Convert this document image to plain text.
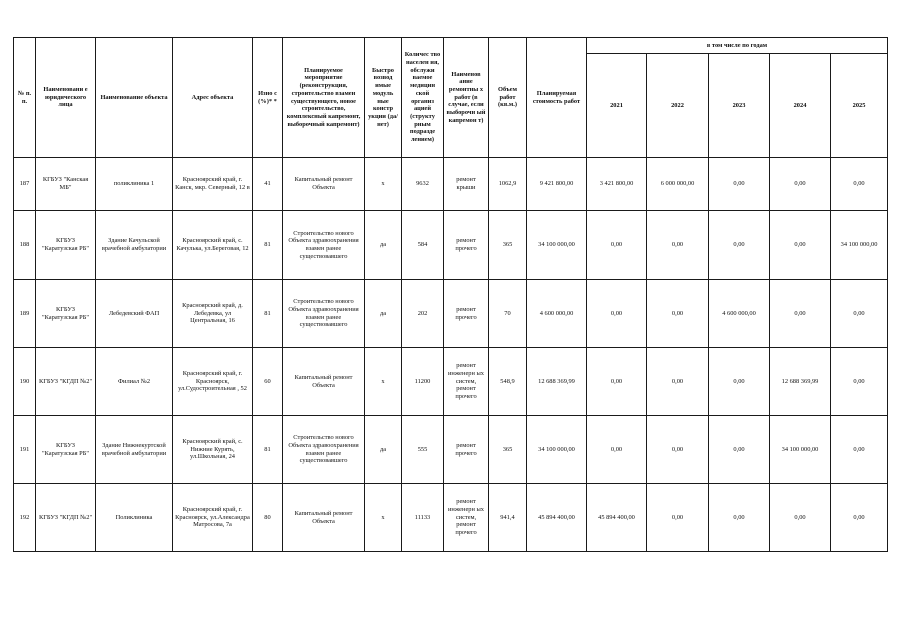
№ п. п.	Наименовани е юридического лица	Наименование объекта	Адрес объекта	Изно с (%)* *	Планируемое мероприятие (реконструкция, строительство взамен существующего, новое строительство, комплексный капремонт, выборочный капремонт)	Быстро возвод имые модуль ные констр укции (да/нет)	Количес тво населен ия, обслужи ваемое медицин ской организ ацией (структу рным подразде лением)	Наименов ание ремонтны х работ (в случае, если выборочн ый капремон т)	Объем работ (кв.м.)	Планируемая стоимость работ	в том числе по годам				
											2021	2022	2023	2024	2025
187	КГБУЗ "Канская МБ"	поликлиника 1	Красноярский край, г. Канск, мкр. Северный, 12 в	41	Капитальный ремонт Объекта	х	9632	ремонт крыши	1062,9	9 421 800,00	3 421 800,00	6 000 000,00	0,00	0,00	0,00
188	КГБУЗ "Каратузская РБ"	Здание Качульской врачебной амбулатории	Красноярский край, с. Качулька, ул.Береговая, 12	81	Строительство нового Объекта здравоохранения взамен ранее существовавшего	да	584	ремонт прочего	365	34 100 000,00	0,00	0,00	0,00	0,00	34 100 000,00
189	КГБУЗ "Каратузская РБ"	Лебедевский ФАП	Красноярский край, д. Лебедевка, ул Центральная, 16	81	Строительство нового Объекта здравоохранения взамен ранее существовавшего	да	202	ремонт прочего	70	4 600 000,00	0,00	0,00	4 600 000,00	0,00	0,00
190	КГБУЗ "КГДП №2"	Филиал №2	Красноярский край, г. Красноярск, ул.Судостроительная , 52	60	Капитальный ремонт Объекта	х	11200	ремонт инженерн ых систем, ремонт прочего	548,9	12 688 369,99	0,00	0,00	0,00	12 688 369,99	0,00
191	КГБУЗ "Каратузская РБ"	Здание Нижнекуртской врачебной амбулатории	Красноярский край, с. Нижние Курять, ул.Школьная, 24	81	Строительство нового Объекта здравоохранения взамен ранее существовавшего	да	555	ремонт прочего	365	34 100 000,00	0,00	0,00	0,00	34 100 000,00	0,00
192	КГБУЗ "КГДП №2"	Поликлиника	Красноярский край, г. Красноярск, ул.Александра Матросова, 7а	80	Капитальный ремонт Объекта	х	11133	ремонт инженерн ых систем, ремонт прочего	941,4	45 894 400,00	45 894 400,00	0,00	0,00	0,00	0,00
